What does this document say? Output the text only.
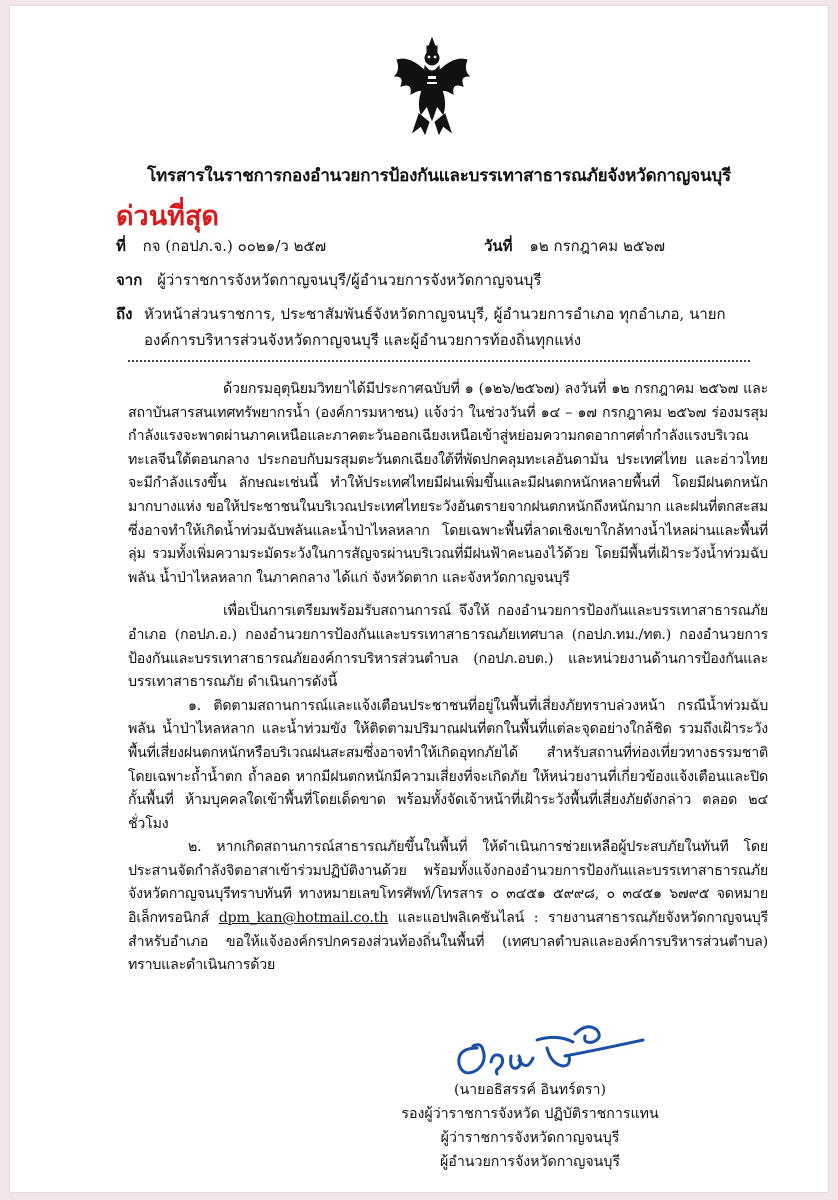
โทรสารในราชการกองอำนวยการป้องกันและบรรเทาสาธารณภัยจังหวัดกาญจนบุรี
ด่วนที่สุด
ที่ กจ (กอปภ.จ.) ๐๐๒๑/ว ๒๕๗	วันที่ ๑๒ กรกฎาคม ๒๕๖๗
จาก ผู้ว่าราชการจังหวัดกาญจนบุรี/ผู้อำนวยการจังหวัดกาญจนบุรี
ถึง หัวหน้าส่วนราชการ, ประชาสัมพันธ์จังหวัดกาญจนบุรี, ผู้อำนวยการอำเภอ ทุกอำเภอ, นายกองค์การบริหารส่วนจังหวัดกาญจนบุรี และผู้อำนวยการท้องถิ่นทุกแห่ง

ด้วยกรมอุตุนิยมวิทยาได้มีประกาศฉบับที่ ๑ (๑๒๖/๒๕๖๗) ลงวันที่ ๑๒ กรกฎาคม ๒๕๖๗ และสถาบันสารสนเทศทรัพยากรน้ำ (องค์การมหาชน) แจ้งว่า ในช่วงวันที่ ๑๔ – ๑๗ กรกฎาคม ๒๕๖๗ ร่องมรสุมกำลังแรงจะพาดผ่านภาคเหนือและภาคตะวันออกเฉียงเหนือเข้าสู่หย่อมความกดอากาศต่ำกำลังแรงบริเวณทะเลจีนใต้ตอนกลาง ประกอบกับมรสุมตะวันตกเฉียงใต้ที่พัดปกคลุมทะเลอันดามัน ประเทศไทย และอ่าวไทยจะมีกำลังแรงขึ้น ลักษณะเช่นนี้ ทำให้ประเทศไทยมีฝนเพิ่มขึ้นและมีฝนตกหนักหลายพื้นที่ โดยมีฝนตกหนักมากบางแห่ง ขอให้ประชาชนในบริเวณประเทศไทยระวังอันตรายจากฝนตกหนักถึงหนักมาก และฝนที่ตกสะสมซึ่งอาจทำให้เกิดน้ำท่วมฉับพลันและน้ำป่าไหลหลาก โดยเฉพาะพื้นที่ลาดเชิงเขาใกล้ทางน้ำไหลผ่านและพื้นที่ลุ่ม รวมทั้งเพิ่มความระมัดระวังในการสัญจรผ่านบริเวณที่มีฝนฟ้าคะนองไว้ด้วย โดยมีพื้นที่เฝ้าระวังน้ำท่วมฉับพลัน น้ำป่าไหลหลาก ในภาคกลาง ได้แก่ จังหวัดตาก และจังหวัดกาญจนบุรี

เพื่อเป็นการเตรียมพร้อมรับสถานการณ์ จึงให้ กองอำนวยการป้องกันและบรรเทาสาธารณภัยอำเภอ (กอปภ.อ.) กองอำนวยการป้องกันและบรรเทาสาธารณภัยเทศบาล (กอปภ.ทม./ทต.) กองอำนวยการป้องกันและบรรเทาสาธารณภัยองค์การบริหารส่วนตำบล (กอปภ.อบต.) และหน่วยงานด้านการป้องกันและบรรเทาสาธารณภัย ดำเนินการดังนี้

๑. ติดตามสถานการณ์และแจ้งเตือนประชาชนที่อยู่ในพื้นที่เสี่ยงภัยทราบล่วงหน้า กรณีน้ำท่วมฉับพลัน น้ำป่าไหลหลาก และน้ำท่วมขัง ให้ติดตามปริมาณฝนที่ตกในพื้นที่แต่ละจุดอย่างใกล้ชิด รวมถึงเฝ้าระวังพื้นที่เสี่ยงฝนตกหนักหรือบริเวณฝนสะสมซึ่งอาจทำให้เกิดอุทกภัยได้ สำหรับสถานที่ท่องเที่ยวทางธรรมชาติ โดยเฉพาะถ้ำน้ำตก ถ้ำลอด หากมีฝนตกหนักมีความเสี่ยงที่จะเกิดภัย ให้หน่วยงานที่เกี่ยวข้องแจ้งเตือนและปิดกั้นพื้นที่ ห้ามบุคคลใดเข้าพื้นที่โดยเด็ดขาด พร้อมทั้งจัดเจ้าหน้าที่เฝ้าระวังพื้นที่เสี่ยงภัยดังกล่าว ตลอด ๒๔ ชั่วโมง

๒. หากเกิดสถานการณ์สาธารณภัยขึ้นในพื้นที่ ให้ดำเนินการช่วยเหลือผู้ประสบภัยในทันที โดยประสานจัดกำลังจิตอาสาเข้าร่วมปฏิบัติงานด้วย พร้อมทั้งแจ้งกองอำนวยการป้องกันและบรรเทาสาธารณภัยจังหวัดกาญจนบุรีทราบทันที ทางหมายเลขโทรศัพท์/โทรสาร ๐ ๓๔๕๑ ๕๙๙๘, ๐ ๓๔๕๑ ๖๗๙๕ จดหมายอิเล็กทรอนิกส์ dpm_kan@hotmail.co.th และแอปพลิเคชันไลน์ : รายงานสาธารณภัยจังหวัดกาญจนบุรี สำหรับอำเภอ ขอให้แจ้งองค์กรปกครองส่วนท้องถิ่นในพื้นที่ (เทศบาลตำบลและองค์การบริหารส่วนตำบล) ทราบและดำเนินการด้วย

(นายอธิสรรค์ อินทร์ตรา)
รองผู้ว่าราชการจังหวัด ปฏิบัติราชการแทน
ผู้ว่าราชการจังหวัดกาญจนบุรี
ผู้อำนวยการจังหวัดกาญจนบุรี
